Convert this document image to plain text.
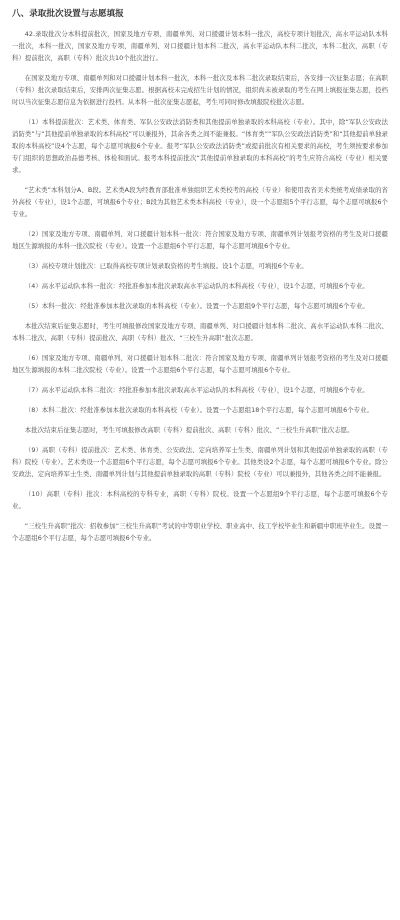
八、录取批次设置与志愿填报

42.录取批次分本科提前批次，国家及地方专项、南疆单列、对口援疆计划本科一批次，高校专项计划批次，高水平运动队本科一批次，本科一批次，国家及地方专项、南疆单列、对口援疆计划本科二批次，高水平运动队本科二批次，本科二批次，高职（专科）提前批次，高职（专科）批次共10个批次进行。

在国家及地方专项、南疆单列和对口援疆计划本科一批次，本科一批次及本科二批次录取结束后，各安排一次征集志愿；在高职（专科）批次录取结束后，安排两次征集志愿。根据高校未完成招生计划的情况，组织尚未被录取的考生在网上填报征集志愿，投档时以当次征集志愿信息为依据进行投档。从本科一批次征集志愿起，考生可同时修改填报院校批次志愿。

（1）本科提前批次：艺术类、体育类、军队公安政法消防类和其他提前单独录取的本科高校（专业）。其中，除“军队公安政法消防类”与“其他提前单独录取的本科高校”可以兼报外，其余各类之间不能兼报。“体育类”“军队公安政法消防类”和“其他提前单独录取的本科高校”设4个志愿，每个志愿可填报6个专业。报考“军队公安政法消防类”或提前批次有相关要求的高校，考生须按要求参加专门组织的思想政治品德考核、体检和面试。报考本科提前批次“其他提前单独录取的本科高校”的考生应符合高校（专业）相关要求。

“艺术类”本科划分A、B段。艺术类A段为经教育部批准单独组织艺术类校考的高校（专业）和使用我省美术类统考成绩录取的省外高校（专业），设1个志愿，可填报6个专业；B段为其他艺术类本科高校（专业），设一个志愿组5个平行志愿，每个志愿可填报6个专业。

（2）国家及地方专项、南疆单列、对口援疆计划本科一批次：符合国家及地方专项、南疆单列计划报考资格的考生及对口援疆地区生源填报的本科一批次院校（专业）。设置一个志愿组6个平行志愿，每个志愿可填报6个专业。

（3）高校专项计划批次：已取得高校专项计划录取资格的考生填报。设1个志愿，可填报6个专业。

（4）高水平运动队本科一批次：经批准参加本批次录取高水平运动队的本科高校（专业），设1个志愿，可填报6个专业。

（5）本科一批次：经批准参加本批次录取的本科高校（专业）。设置一个志愿组9个平行志愿，每个志愿可填报6个专业。

本批次结束后征集志愿时，考生可填报修改国家及地方专项、南疆单列、对口援疆计划本科二批次、高水平运动队本科二批次、本科二批次、高职（专科）提前批次、高职（专科）批次、“三校生升高职”批次志愿。

（6）国家及地方专项、南疆单列、对口援疆计划本科二批次：符合国家及地方专项、南疆单列计划报考资格的考生及对口援疆地区生源填报的本科二批次院校（专业）。设置一个志愿组6个平行志愿，每个志愿可填报6个专业。

（7）高水平运动队本科二批次：经批准参加本批次录取高水平运动队的本科高校（专业），设1个志愿，可填报6个专业。

（8）本科二批次：经批准参加本批次录取的本科高校（专业）。设置一个志愿组18个平行志愿，每个志愿可填报6个专业。

本批次结束后征集志愿时，考生可填报修改高职（专科）提前批次、高职（专科）批次、“三校生升高职”批次志愿。

（9）高职（专科）提前批次：艺术类、体育类、公安政法、定向培养军士生类、南疆单列计划和其他提前单独录取的高职（专科）院校（专业）。艺术类设一个志愿组6个平行志愿，每个志愿可填报6个专业。其他类设2个志愿，每个志愿可填报6个专业。除公安政法、定向培养军士生类、南疆单列计划与其他提前单独录取的高职（专科）院校（专业）可以兼报外，其他各类之间不能兼报。

（10）高职（专科）批次：本科高校的专科专业，高职（专科）院校。设置一个志愿组9个平行志愿，每个志愿可填报6个专业。

“三校生升高职”批次：招收参加“三校生升高职”考试的中等职业学校、职业高中、技工学校毕业生和新疆中职班毕业生。设置一个志愿组6个平行志愿，每个志愿可填报6个专业。
